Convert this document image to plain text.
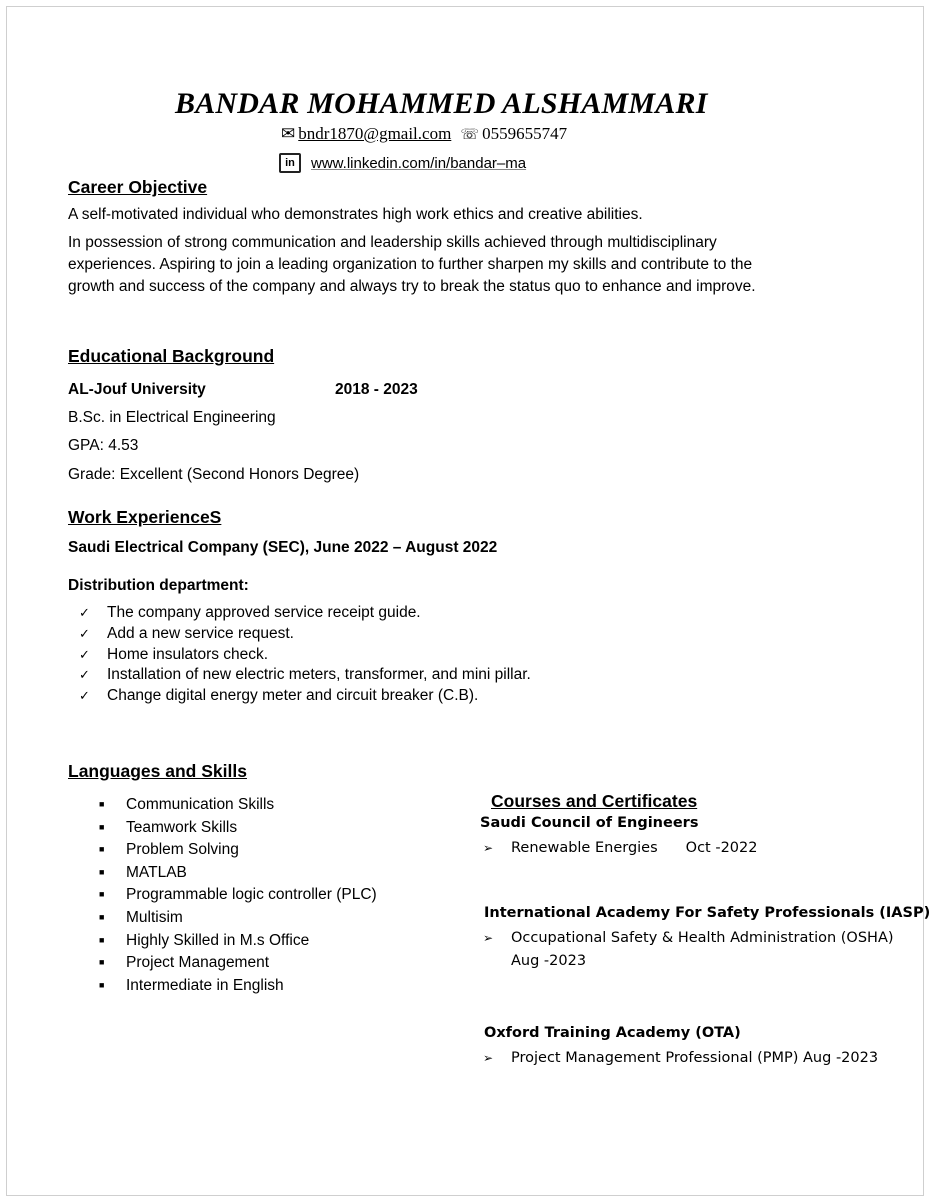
BANDAR MOHAMMED ALSHAMMARI
✉ bndr1870@gmail.com ☏ 0559655747
in	www.linkedin.com/in/bandar–ma
Career Objective
A self-motivated individual who demonstrates high work ethics and creative abilities.
In possession of strong communication and leadership skills achieved through multidisciplinary experiences. Aspiring to join a leading organization to further sharpen my skills and contribute to the growth and success of the company and always try to break the status quo to enhance and improve.
Educational Background
AL-Jouf University	2018 - 2023
B.Sc. in Electrical Engineering
GPA: 4.53
Grade: Excellent (Second Honors Degree)
Work ExperienceS
Saudi Electrical Company (SEC), June 2022 – August 2022
Distribution department:
✓	The company approved service receipt guide.
✓	Add a new service request.
✓	Home insulators check.
✓	Installation of new electric meters, transformer, and mini pillar.
✓	Change digital energy meter and circuit breaker (C.B).
Languages and Skills
■	Communication Skills
■	Teamwork Skills
■	Problem Solving
■	MATLAB
■	Programmable logic controller (PLC)
■	Multisim
■	Highly Skilled in M.s Office
■	Project Management
■	Intermediate in English
Courses and Certificates
Saudi Council of Engineers
➢ Renewable Energies Oct -2022
International Academy For Safety Professionals (IASP)
➢ Occupational Safety & Health Administration (OSHA)
Aug -2023
Oxford Training Academy (OTA)
➢ Project Management Professional (PMP) Aug -2023
